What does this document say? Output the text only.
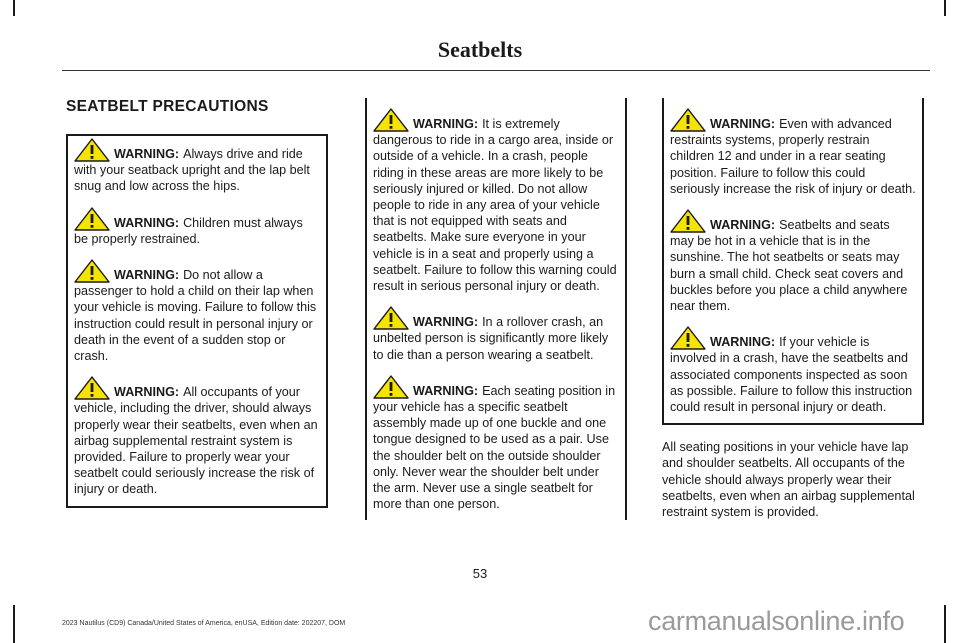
Seatbelts
SEATBELT PRECAUTIONS

WARNING: Always drive and ride with your seatback upright and the lap belt snug and low across the hips.

WARNING: Children must always be properly restrained.

WARNING: Do not allow a passenger to hold a child on their lap when your vehicle is moving. Failure to follow this instruction could result in personal injury or death in the event of a sudden stop or crash.

WARNING: All occupants of your vehicle, including the driver, should always properly wear their seatbelts, even when an airbag supplemental restraint system is provided. Failure to properly wear your seatbelt could seriously increase the risk of injury or death.

WARNING: It is extremely dangerous to ride in a cargo area, inside or outside of a vehicle. In a crash, people riding in these areas are more likely to be seriously injured or killed. Do not allow people to ride in any area of your vehicle that is not equipped with seats and seatbelts. Make sure everyone in your vehicle is in a seat and properly using a seatbelt. Failure to follow this warning could result in serious personal injury or death.

WARNING: In a rollover crash, an unbelted person is significantly more likely to die than a person wearing a seatbelt.

WARNING: Each seating position in your vehicle has a specific seatbelt assembly made up of one buckle and one tongue designed to be used as a pair. Use the shoulder belt on the outside shoulder only. Never wear the shoulder belt under the arm. Never use a single seatbelt for more than one person.

WARNING: Even with advanced restraints systems, properly restrain children 12 and under in a rear seating position. Failure to follow this could seriously increase the risk of injury or death.

WARNING: Seatbelts and seats may be hot in a vehicle that is in the sunshine. The hot seatbelts or seats may burn a small child. Check seat covers and buckles before you place a child anywhere near them.

WARNING: If your vehicle is involved in a crash, have the seatbelts and associated components inspected as soon as possible. Failure to follow this instruction could result in personal injury or death.

All seating positions in your vehicle have lap and shoulder seatbelts. All occupants of the vehicle should always properly wear their seatbelts, even when an airbag supplemental restraint system is provided.

53
2023 Nautilus (CD9) Canada/United States of America, enUSA, Edition date: 202207, DOM	carmanualsonline.info
